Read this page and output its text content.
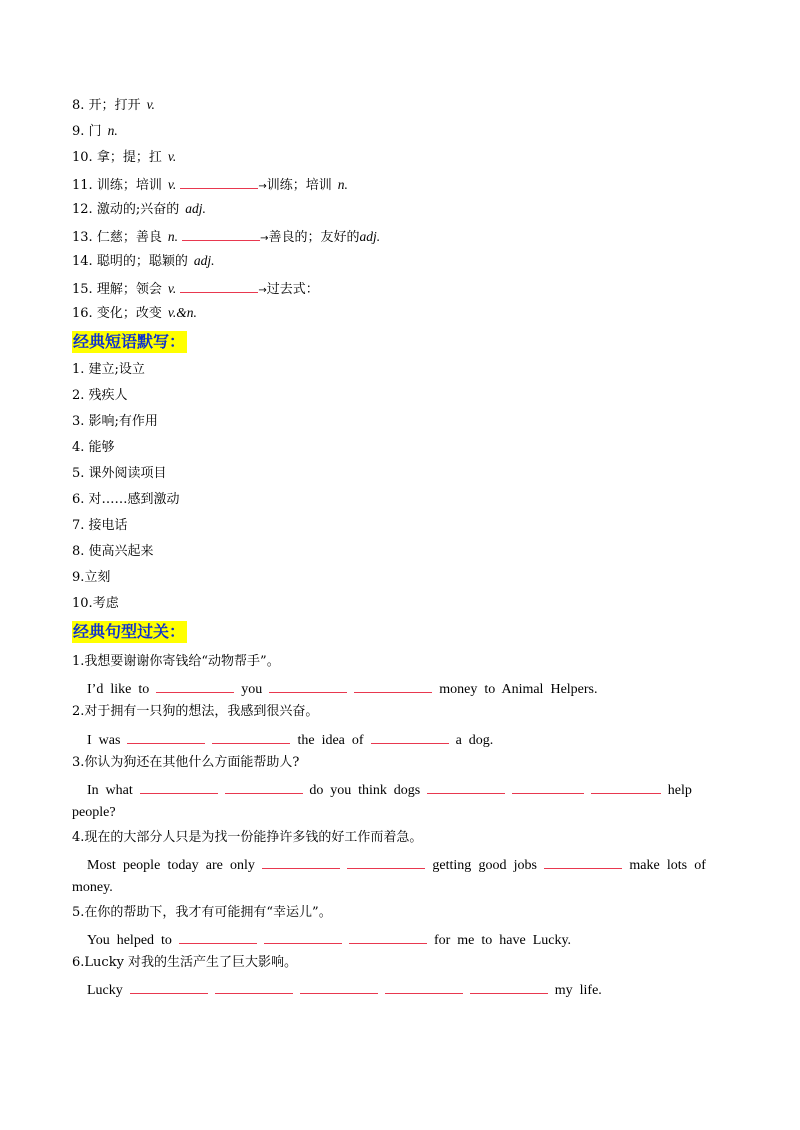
8. 开；打开 v.
9. 门 n.
10. 拿；提；扛 v.
11. 训练；培训 v.	→训练；培训 n.
12. 激动的;兴奋的 adj.
13. 仁慈；善良 n.	→善良的；友好的adj.
14. 聪明的；聪颖的 adj.
15. 理解；领会 v.	→过去式：
16. 变化；改变 v.&n.
经典短语默写：
1. 建立;设立
2. 残疾人
3. 影响;有作用
4. 能够
5. 课外阅读项目
6. 对……感到激动
7. 接电话
8. 使高兴起来
9.立刻
10.考虑
经典句型过关：
1.我想要谢谢你寄钱给“动物帮手”。
I’d like to	you	money to Animal Helpers.
2.对于拥有一只狗的想法，我感到很兴奋。
I was	the idea of	a dog.
3.你认为狗还在其他什么方面能帮助人?
In what	do you think dogs	help
people?
4.现在的大部分人只是为找一份能挣许多钱的好工作而着急。
Most people today are only	getting good jobs	make lots of
money.
5.在你的帮助下，我才有可能拥有“幸运儿”。
You helped to	for me to have Lucky.
6.Lucky 对我的生活产生了巨大影响。
Lucky	my life.
